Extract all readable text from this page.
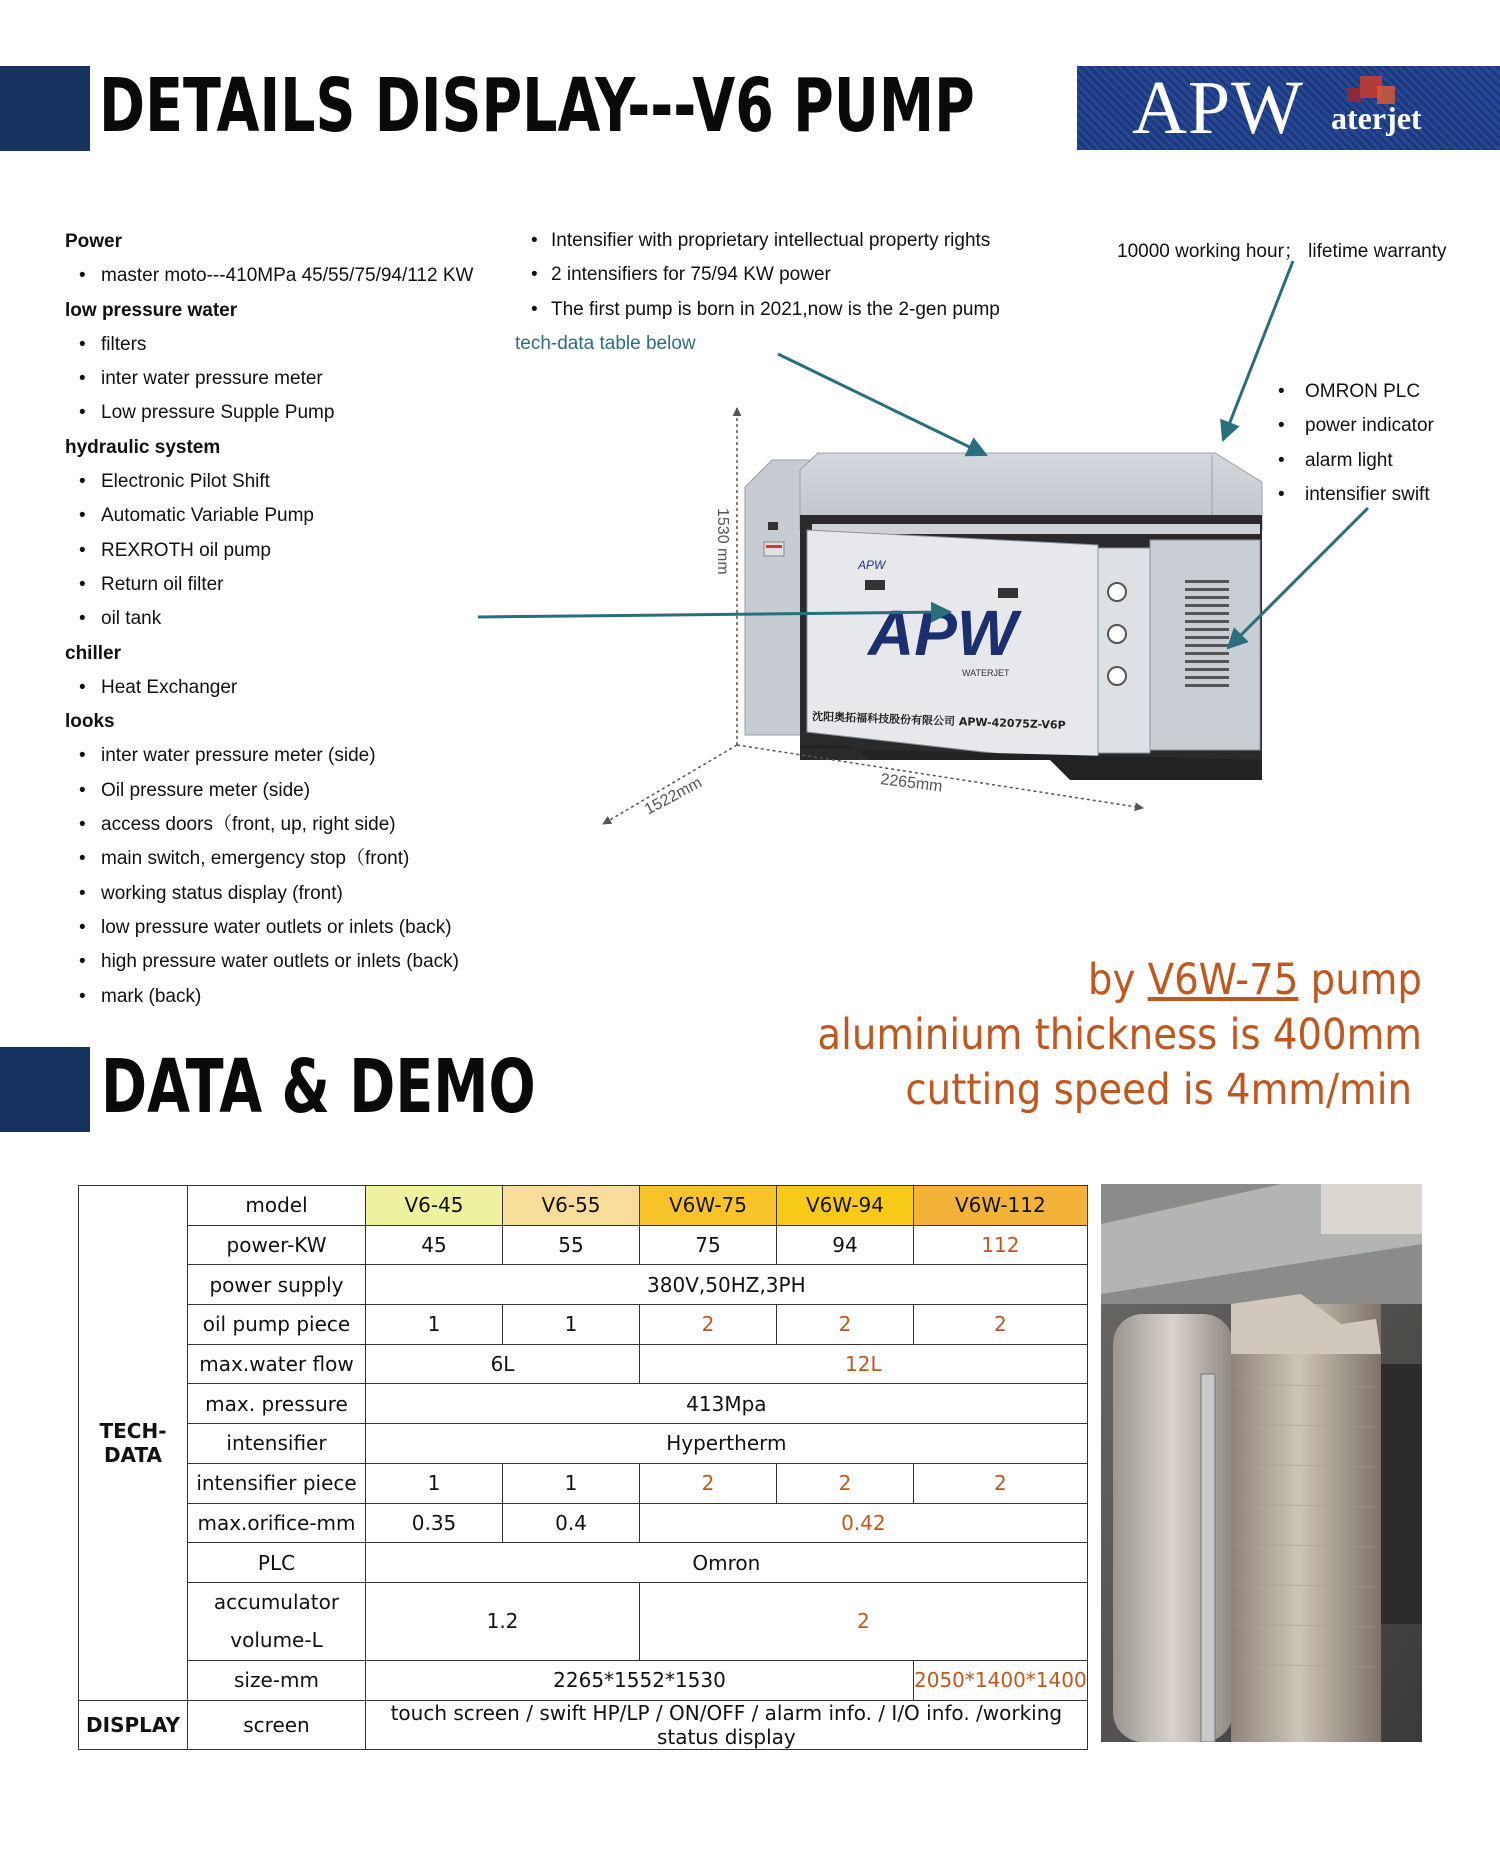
DETAILS DISPLAY---V6 PUMP APW aterjet
Power
• master moto---410MPa 45/55/75/94/112 KW
low pressure water
• filters
• inter water pressure meter
• Low pressure Supple Pump
hydraulic system
• Electronic Pilot Shift
• Automatic Variable Pump
• REXROTH oil pump
• Return oil filter
• oil tank
chiller
• Heat Exchanger
looks
• inter water pressure meter (side)
• Oil pressure meter (side)
• access doors（front, up, right side)
• main switch, emergency stop（front)
• working status display (front)
• low pressure water outlets or inlets (back)
• high pressure water outlets or inlets (back)
• mark (back)
• Intensifier with proprietary intellectual property rights
• 2 intensifiers for 75/94 KW power
• The first pump is born in 2021,now is the 2-gen pump
tech-data table below
10000 working hour； lifetime warranty
• OMRON PLC
• power indicator
• alarm light
• intensifier swift
APW
APW
WATERJET
沈阳奥拓福科技股份有限公司 APW-42075Z-V6P
1530 mm
1522mm	2265mm
DATA & DEMO
by V6W-75 pump
aluminium thickness is 400mm
cutting speed is 4mm/min
TECH-DATA	model	V6-45	V6-55	V6W-75	V6W-94	V6W-112
	power-KW	45	55	75	94	112
	power supply	380V,50HZ,3PH				
	oil pump piece	1	1	2	2	2
	max.water flow	6L		12L		
	max. pressure	413Mpa				
	intensifier	Hypertherm				
	intensifier piece	1	1	2	2	2
	max.orifice-mm	0.35	0.4	0.42		
	PLC	Omron				
	accumulator
volume-L	1.2		2		
	size-mm	2265*1552*1530				2050*1400*1400
DISPLAY	screen	touch screen / swift HP/LP / ON/OFF / alarm info. / I/O info. /working status display				
